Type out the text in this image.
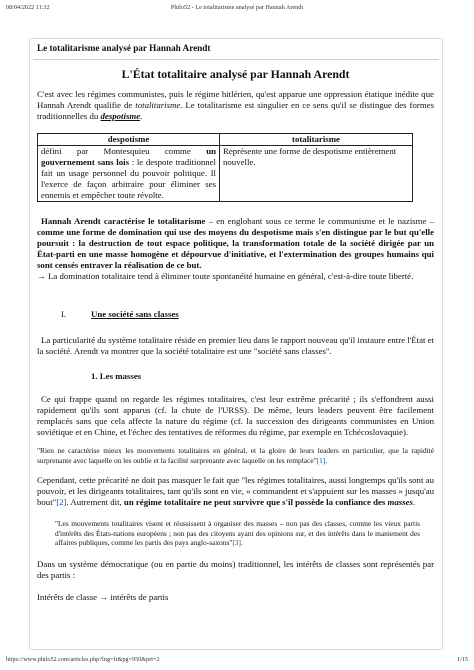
08/04/2022 11:32	Philo52 - Le totalitarisme analysé par Hannah Arendt
Le totalitarisme analysé par Hannah Arendt
L'État totalitaire analysé par Hannah Arendt

C'est avec les régimes communistes, puis le régime hitlérien, qu'est apparue une oppression étatique inédite que Hannah Arendt qualifie de totalitarisme. Le totalitarisme est singulier en ce sens qu'il se distingue des formes traditionnelles du despotisme.

despotisme	totalitarisme
défini par Montesquieu comme un gouvernement sans lois : le despote traditionnel fait un usage personnel du pouvoir politique. Il l'exerce de façon arbitraire pour éliminer ses ennemis et empêcher toute révolte.	Représente une forme de despotisme entièrement nouvelle.

Hannah Arendt caractérise le totalitarisme – en englobant sous ce terme le communisme et le nazisme – comme une forme de domination qui use des moyens du despotisme mais s'en distingue par le but qu'elle poursuit : la destruction de tout espace politique, la transformation totale de la société dirigée par un État-parti en une masse homogène et dépourvue d'initiative, et l'extermination des groupes humains qui sont censés entraver la réalisation de ce but.

→ La domination totalitaire tend à éliminer toute spontanéité humaine en général, c'est-à-dire toute liberté.

I.	Une société sans classes

La particularité du système totalitaire réside en premier lieu dans le rapport nouveau qu'il instaure entre l'État et la société. Arendt va montrer que la société totalitaire est une "société sans classes".

1. Les masses

Ce qui frappe quand on regarde les régimes totalitaires, c'est leur extrême précarité ; ils s'effondrent aussi rapidement qu'ils sont apparus (cf. la chute de l'URSS). De même, leurs leaders peuvent être facilement remplacés sans que cela affecte la nature du régime (cf. la succession des dirigeants communistes en Union soviétique et en Chine, et l'échec des tentatives de réformes du régime, par exemple en Tchécoslovaquie).

"Rien ne caractérise mieux les mouvements totalitaires en général, et la gloire de leurs leaders en particulier, que la rapidité surprenante avec laquelle on les oublie et la facilité surprenante avec laquelle on les remplace"[1].

Cependant, cette précarité ne doit pas masquer le fait que "les régimes totalitaires, aussi longtemps qu'ils sont au pouvoir, et les dirigeants totalitaires, tant qu'ils sont en vie, « commandent et s'appuient sur les masses » jusqu'au bout"[2]. Autrement dit, un régime totalitaire ne peut survivre que s'il possède la confiance des masses.

"Les mouvements totalitaires visent et réussissent à organiser des masses – non pas des classes, comme les vieux partis d'intérêts des États-nations européens ; non pas des citoyens ayant des opinions sur, et des intérêts dans le maniement des affaires publiques, comme les partis des pays anglo-saxons"[3].

Dans un système démocratique (ou en partie du moins) traditionnel, les intérêts de classes sont représentés par des partis :

Intérêts de classe → intérêts de partis

https://www.philo52.com/articles.php?lng=fr&pg=950&prt=2	1/15
